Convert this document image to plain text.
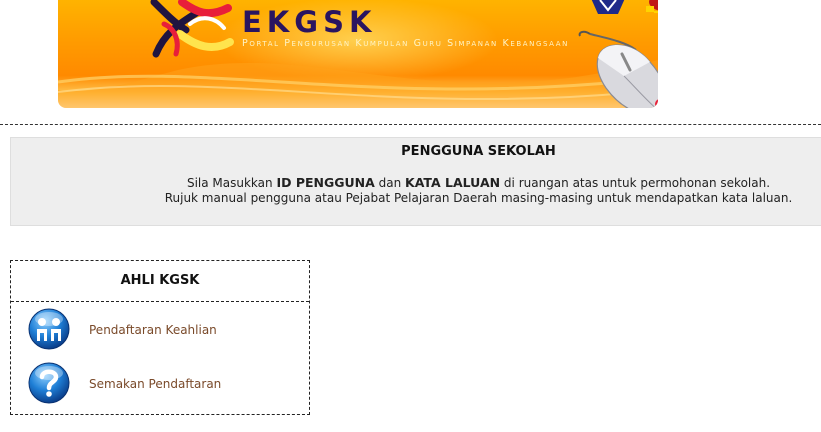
EKGSK

Portal Pengurusan Kumpulan Guru Simpanan Kebangsaan

PENGGUNA SEKOLAH

Sila Masukkan ID PENGGUNA dan KATA LALUAN di ruangan atas untuk permohonan sekolah.

Rujuk manual pengguna atau Pejabat Pelajaran Daerah masing-masing untuk mendapatkan kata laluan.

AHLI KGSK
Pendaftaran Keahlian
Semakan Pendaftaran
